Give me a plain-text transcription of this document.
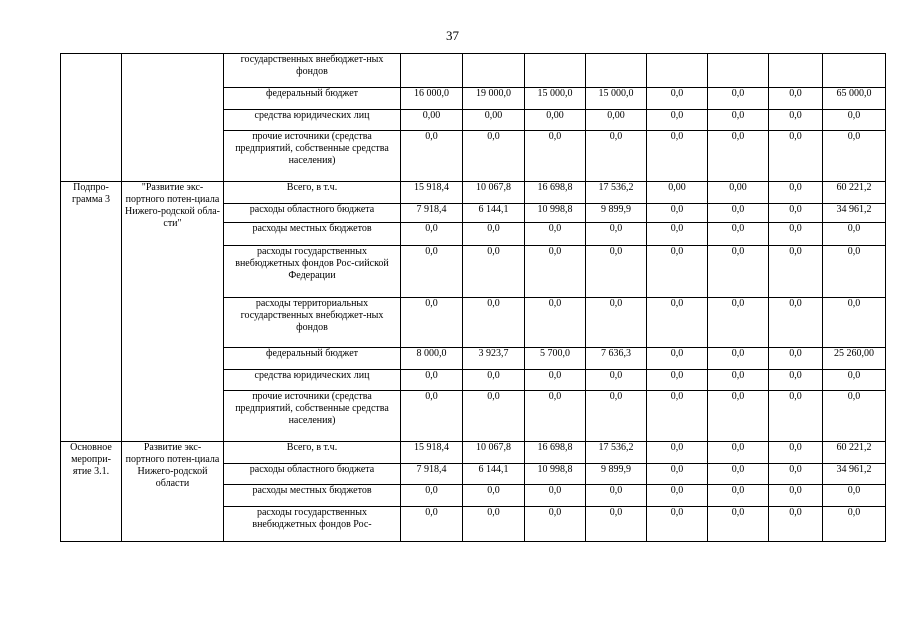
37
		государственных внебюджет-ных фондов								
		федеральный бюджет	16 000,0	19 000,0	15 000,0	15 000,0	0,0	0,0	0,0	65 000,0
		средства юридических лиц	0,00	0,00	0,00	0,00	0,0	0,0	0,0	0,0
		прочие источники (средства предприятий, собственные средства населения)	0,0	0,0	0,0	0,0	0,0	0,0	0,0	0,0
Подпро-грамма 3	"Развитие экс-портного потен-циала Нижего-родской обла-сти"	Всего, в т.ч.	15 918,4	10 067,8	16 698,8	17 536,2	0,00	0,00	0,0	60 221,2
		расходы областного бюджета	7 918,4	6 144,1	10 998,8	9 899,9	0,0	0,0	0,0	34 961,2
		расходы местных бюджетов	0,0	0,0	0,0	0,0	0,0	0,0	0,0	0,0
		расходы государственных внебюджетных фондов Рос-сийской Федерации	0,0	0,0	0,0	0,0	0,0	0,0	0,0	0,0
		расходы территориальных государственных внебюджет-ных фондов	0,0	0,0	0,0	0,0	0,0	0,0	0,0	0,0
		федеральный бюджет	8 000,0	3 923,7	5 700,0	7 636,3	0,0	0,0	0,0	25 260,00
		средства юридических лиц	0,0	0,0	0,0	0,0	0,0	0,0	0,0	0,0
		прочие источники (средства предприятий, собственные средства населения)	0,0	0,0	0,0	0,0	0,0	0,0	0,0	0,0
Основное меропри-ятие 3.1.	Развитие экс-портного потен-циала Нижего-родской области	Всего, в т.ч.	15 918,4	10 067,8	16 698,8	17 536,2	0,0	0,0	0,0	60 221,2
		расходы областного бюджета	7 918,4	6 144,1	10 998,8	9 899,9	0,0	0,0	0,0	34 961,2
		расходы местных бюджетов	0,0	0,0	0,0	0,0	0,0	0,0	0,0	0,0
		расходы государственных внебюджетных фондов Рос-	0,0	0,0	0,0	0,0	0,0	0,0	0,0	0,0
